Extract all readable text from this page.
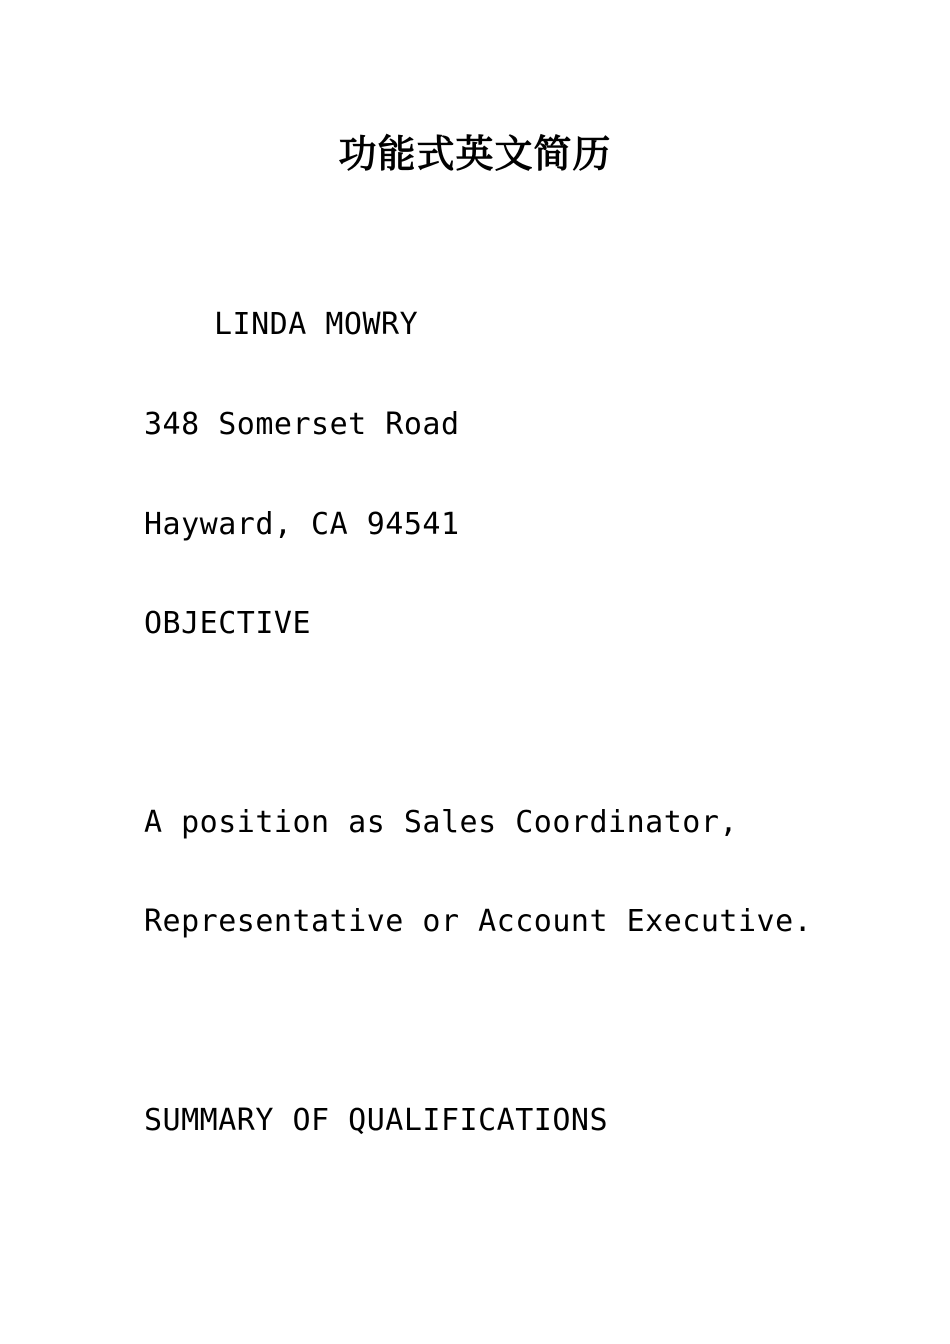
功能式英文简历
LINDA MOWRY
348 Somerset Road
Hayward, CA 94541
OBJECTIVE
A position as Sales Coordinator,
Representative or Account Executive.
SUMMARY OF QUALIFICATIONS
